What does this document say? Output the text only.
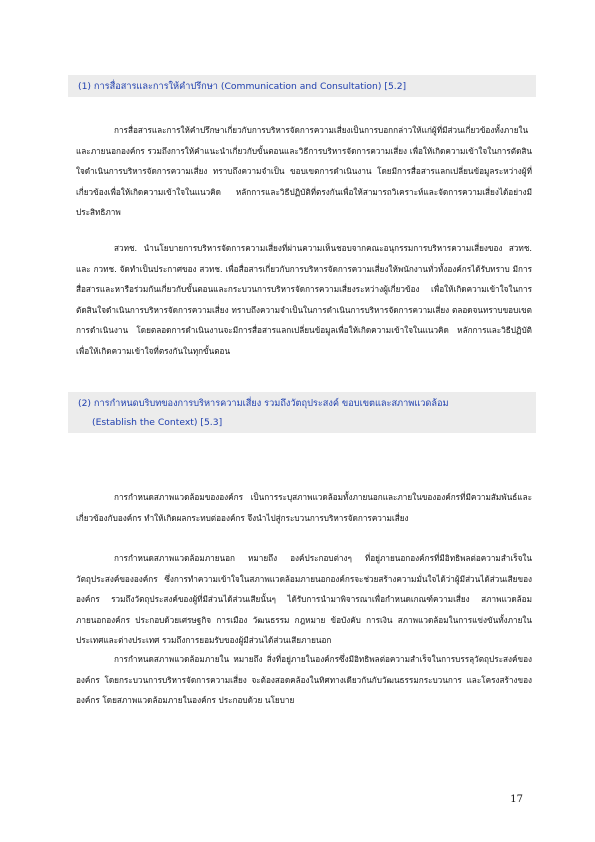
(1) การสื่อสารและการให้คำปรึกษา (Communication and Consultation) [5.2]

การสื่อสารและการให้คำปรึกษาเกี่ยวกับการบริหารจัดการความเสี่ยงเป็นการบอกกล่าวให้แก่ผู้ที่มีส่วนเกี่ยวข้องทั้งภายในและภายนอกองค์กร รวมถึงการให้คำแนะนำเกี่ยวกับขั้นตอนและวิธีการบริหารจัดการความเสี่ยง เพื่อให้เกิดความเข้าใจในการตัดสินใจดำเนินการบริหารจัดการความเสี่ยง ทราบถึงความจำเป็น ขอบเขตการดำเนินงาน โดยมีการสื่อสารแลกเปลี่ยนข้อมูลระหว่างผู้ที่เกี่ยวข้องเพื่อให้เกิดความเข้าใจในแนวคิด หลักการและวิธีปฏิบัติที่ตรงกันเพื่อให้สามารถวิเคราะห์และจัดการความเสี่ยงได้อย่างมีประสิทธิภาพ

สวทช. นำนโยบายการบริหารจัดการความเสี่ยงที่ผ่านความเห็นชอบจากคณะอนุกรรมการบริหารความเสี่ยงของ สวทช. และ กวทช. จัดทำเป็นประกาศของ สวทช. เพื่อสื่อสารเกี่ยวกับการบริหารจัดการความเสี่ยงให้พนักงานทั่วทั้งองค์กรได้รับทราบ มีการสื่อสารและหารือร่วมกันเกี่ยวกับขั้นตอนและกระบวนการบริหารจัดการความเสี่ยงระหว่างผู้เกี่ยวข้อง เพื่อให้เกิดความเข้าใจในการตัดสินใจดำเนินการบริหารจัดการความเสี่ยง ทราบถึงความจำเป็นในการดำเนินการบริหารจัดการความเสี่ยง ตลอดจนทราบขอบเขตการดำเนินงาน โดยตลอดการดำเนินงานจะมีการสื่อสารแลกเปลี่ยนข้อมูลเพื่อให้เกิดความเข้าใจในแนวคิด หลักการและวิธีปฏิบัติเพื่อให้เกิดความเข้าใจที่ตรงกันในทุกขั้นตอน

(2) การกำหนดบริบทของการบริหารความเสี่ยง รวมถึงวัตถุประสงค์ ขอบเขตและสภาพแวดล้อม
(Establish the Context) [5.3]

การกำหนดสภาพแวดล้อมขององค์กร เป็นการระบุสภาพแวดล้อมทั้งภายนอกและภายในขององค์กรที่มีความสัมพันธ์และเกี่ยวข้องกับองค์กร ทำให้เกิดผลกระทบต่อองค์กร จึงนำไปสู่กระบวนการบริหารจัดการความเสี่ยง

การกำหนดสภาพแวดล้อมภายนอก หมายถึง องค์ประกอบต่างๆ ที่อยู่ภายนอกองค์กรที่มีอิทธิพลต่อความสำเร็จในวัตถุประสงค์ขององค์กร ซึ่งการทำความเข้าใจในสภาพแวดล้อมภายนอกองค์กรจะช่วยสร้างความมั่นใจได้ว่าผู้มีส่วนได้ส่วนเสียขององค์กร รวมถึงวัตถุประสงค์ของผู้ที่มีส่วนได้ส่วนเสียนั้นๆ ได้รับการนำมาพิจารณาเพื่อกำหนดเกณฑ์ความเสี่ยง สภาพแวดล้อมภายนอกองค์กร ประกอบด้วยเศรษฐกิจ การเมือง วัฒนธรรม กฎหมาย ข้อบังคับ การเงิน สภาพแวดล้อมในการแข่งขันทั้งภายในประเทศและต่างประเทศ รวมถึงการยอมรับของผู้มีส่วนได้ส่วนเสียภายนอก

การกำหนดสภาพแวดล้อมภายใน หมายถึง สิ่งที่อยู่ภายในองค์กรซึ่งมีอิทธิพลต่อความสำเร็จในการบรรลุวัตถุประสงค์ขององค์กร โดยกระบวนการบริหารจัดการความเสี่ยง จะต้องสอดคล้องในทิศทางเดียวกันกับวัฒนธรรมกระบวนการ และโครงสร้างขององค์กร โดยสภาพแวดล้อมภายในองค์กร ประกอบด้วย นโยบาย

17
